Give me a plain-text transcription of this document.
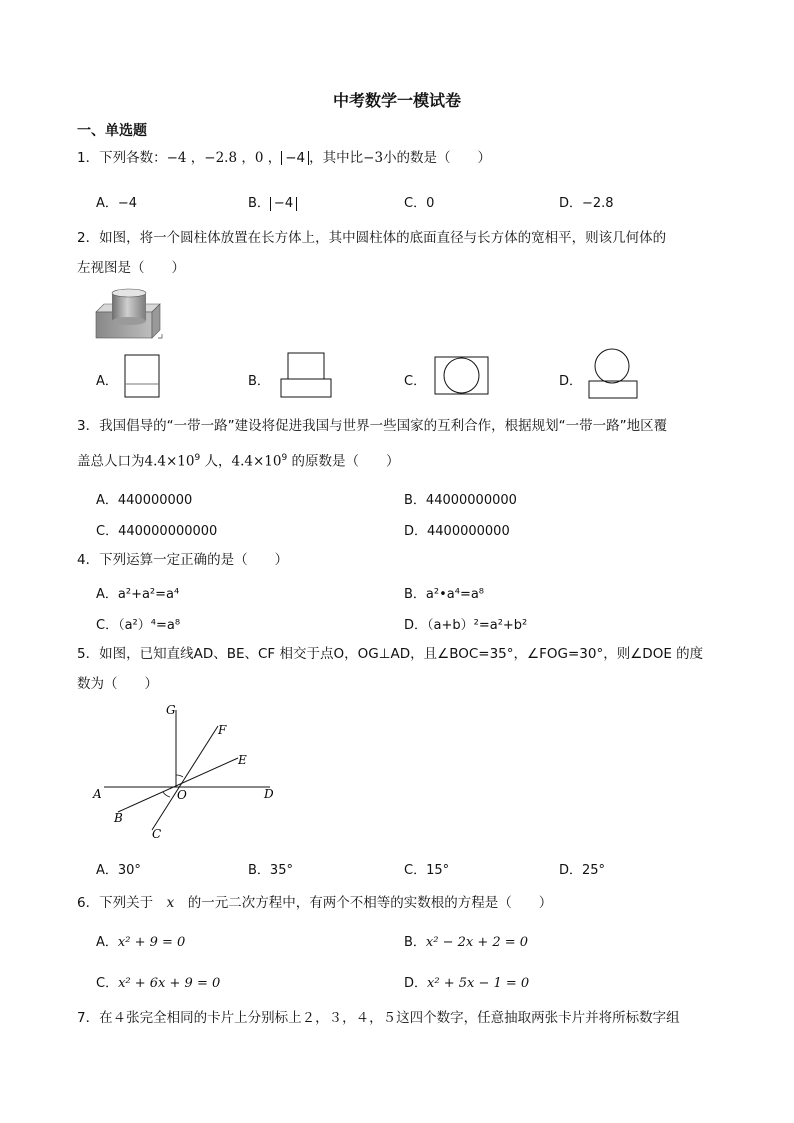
中考数学一模试卷
一、单选题
1．下列各数：−4 ，−2.8 ，0 ， −4 ，其中比−3小的数是（　　）
A．−4	B． −4	C．0	D．−2.8
2．如图，将一个圆柱体放置在长方体上，其中圆柱体的底面直径与长方体的宽相平，则该几何体的
左视图是（　　）
A．	B．	C．	D．
3．我国倡导的“一带一路”建设将促进我国与世界一些国家的互利合作，根据规划“一带一路”地区覆
盖总人口为$4.4\times 10^9$ 人，$4.4\times 10^9$ 的原数是（　　）
A．440000000	B．44000000000
C．440000000000	D．4400000000
4．下列运算一定正确的是（　　）
A．a²+a²=a⁴	B．a²•a⁴=a⁸
C．（a²）⁴=a⁸	D．（a+b）²=a²+b²
5．如图，已知直线AD、BE、CF 相交于点O，OG⊥AD，且∠BOC=35°，∠FOG=30°，则∠DOE 的度
数为（　　）
G
F
E
A	O	D
B
C
A．30°	B．35°	C．15°	D．25°
6．下列关于　 x　 的一元二次方程中，有两个不相等的实数根的方程是（　　）
A．x² + 9 = 0	B．x² − 2x + 2 = 0
C．x² + 6x + 9 = 0	D．x² + 5x − 1 = 0
7．在４张完全相同的卡片上分别标上２，３，４，５这四个数字，任意抽取两张卡片并将所标数字组
